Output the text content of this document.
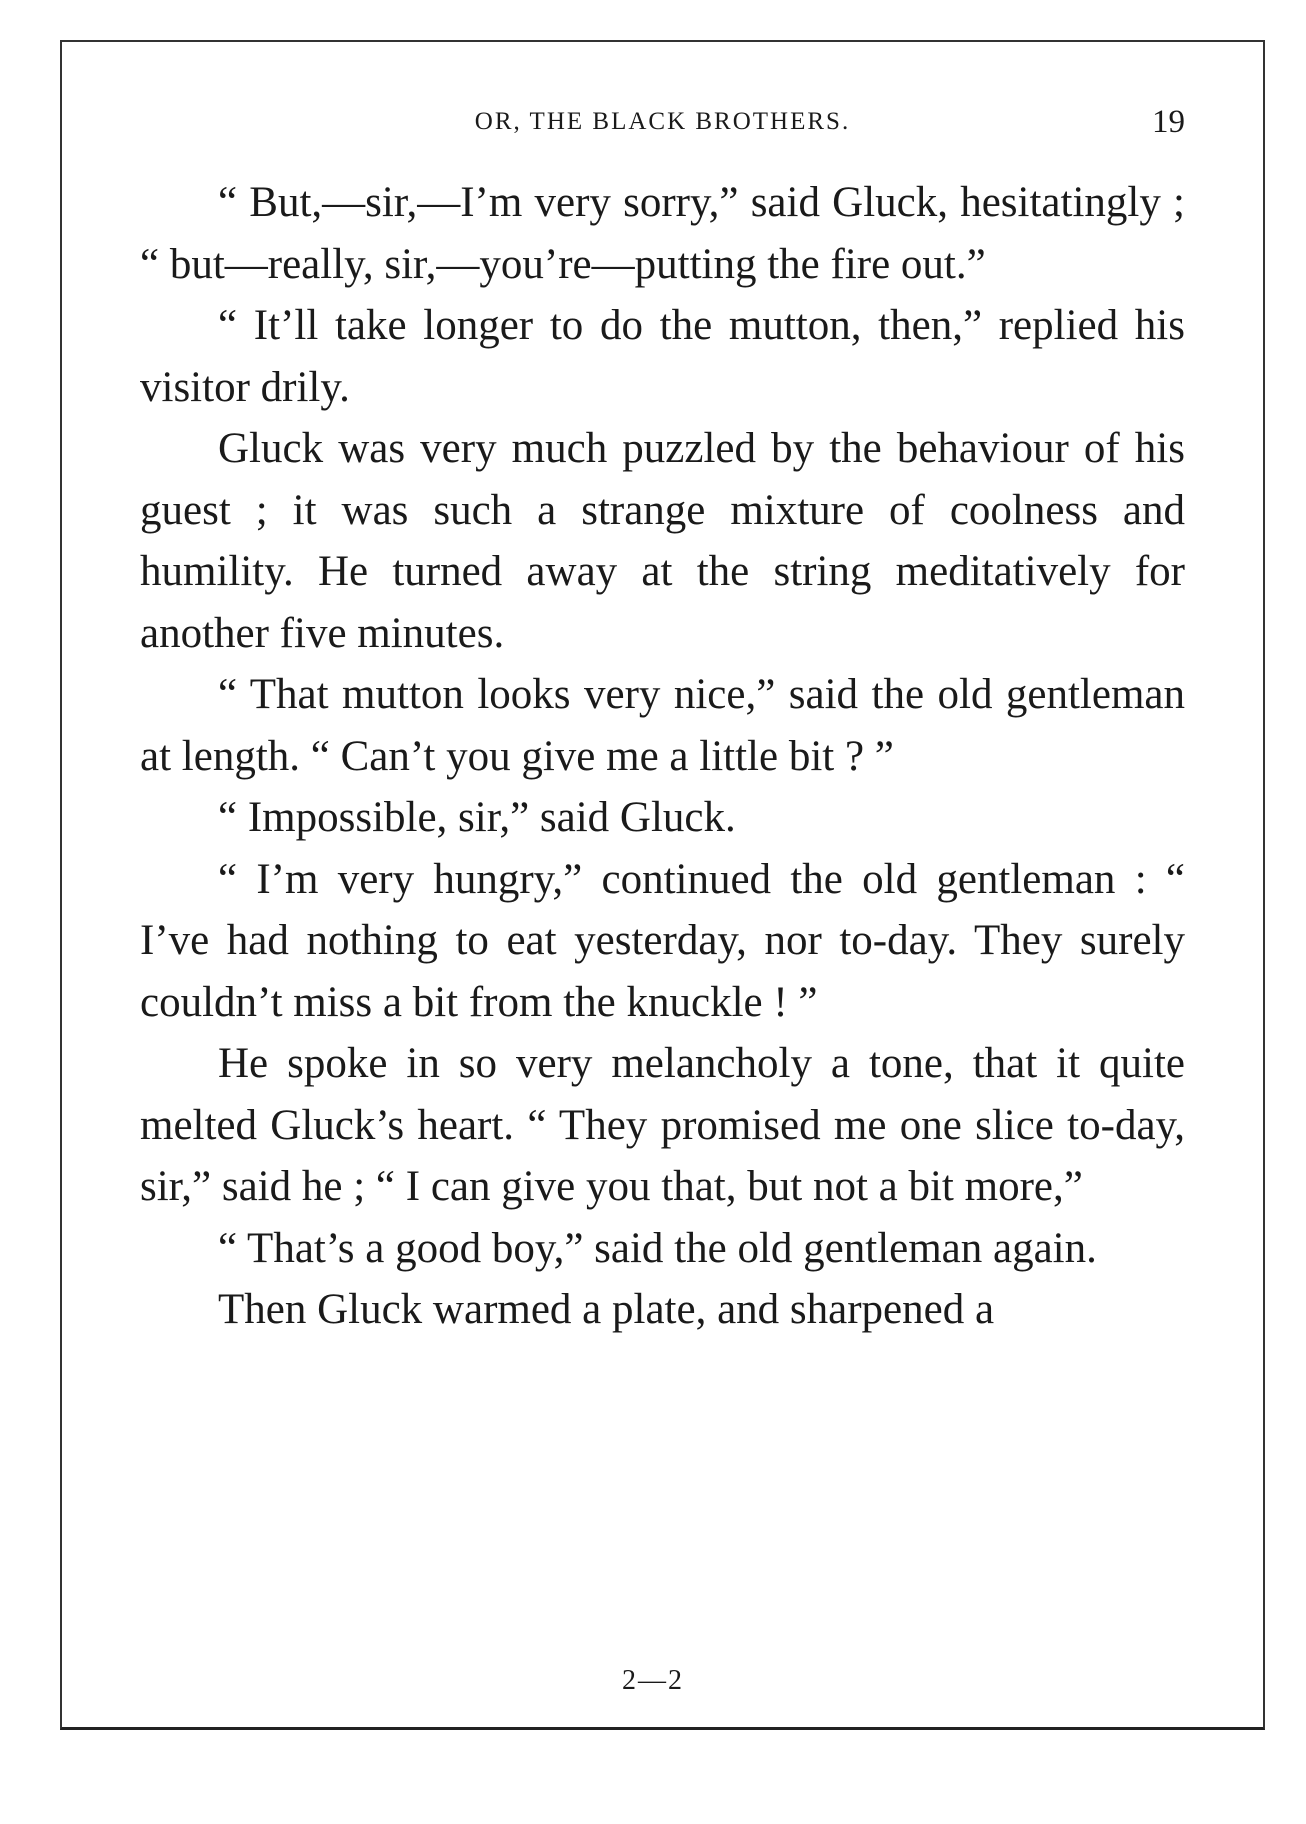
OR, THE BLACK BROTHERS.	19

“ But,—sir,—I’m very sorry,” said Gluck, hesitatingly ; “ but—really, sir,—you’re—putting the fire out.”

“ It’ll take longer to do the mutton, then,” replied his visitor drily.

Gluck was very much puzzled by the behaviour of his guest ; it was such a strange mixture of coolness and humility. He turned away at the string meditatively for another five minutes.

“ That mutton looks very nice,” said the old gentleman at length. “ Can’t you give me a little bit ? ”

“ Impossible, sir,” said Gluck.

“ I’m very hungry,” continued the old gentleman : “ I’ve had nothing to eat yesterday, nor to-day. They surely couldn’t miss a bit from the knuckle ! ”

He spoke in so very melancholy a tone, that it quite melted Gluck’s heart. “ They promised me one slice to-day, sir,” said he ; “ I can give you that, but not a bit more,”

“ That’s a good boy,” said the old gentleman again.

Then Gluck warmed a plate, and sharpened a

2—2
